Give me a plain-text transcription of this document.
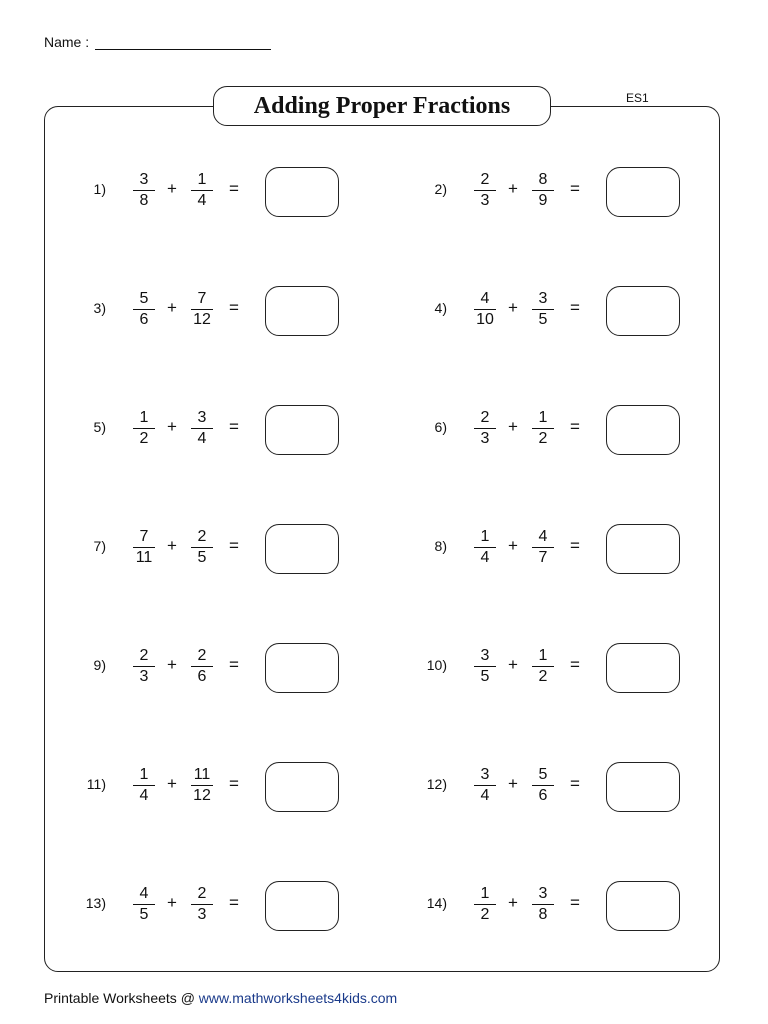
Name :
Adding Proper Fractions	ES1
$1) \frac{3}{8} + \frac{1}{4}$ =	$2) \frac{2}{3} + \frac{8}{9}$ =
$3) \frac{5}{6} + \frac{7}{12}$ =	$4) \frac{4}{10} + \frac{3}{5}$ =
$5) \frac{1}{2} + \frac{3}{4}$ =	$6) \frac{2}{3} + \frac{1}{2}$ =
$7) \frac{7}{11} + \frac{2}{5}$ =	$8) \frac{1}{4} + \frac{4}{7}$ =
$9) \frac{2}{3} + \frac{2}{6}$ =	$10) \frac{3}{5} + \frac{1}{2}$ =
$11) \frac{1}{4} + \frac{11}{12}$ =	$12) \frac{3}{4} + \frac{5}{6}$ =
$13) \frac{4}{5} + \frac{2}{3}$ =	$14) \frac{1}{2} + \frac{3}{8}$ =
Printable Worksheets @ www.mathworksheets4kids.com
